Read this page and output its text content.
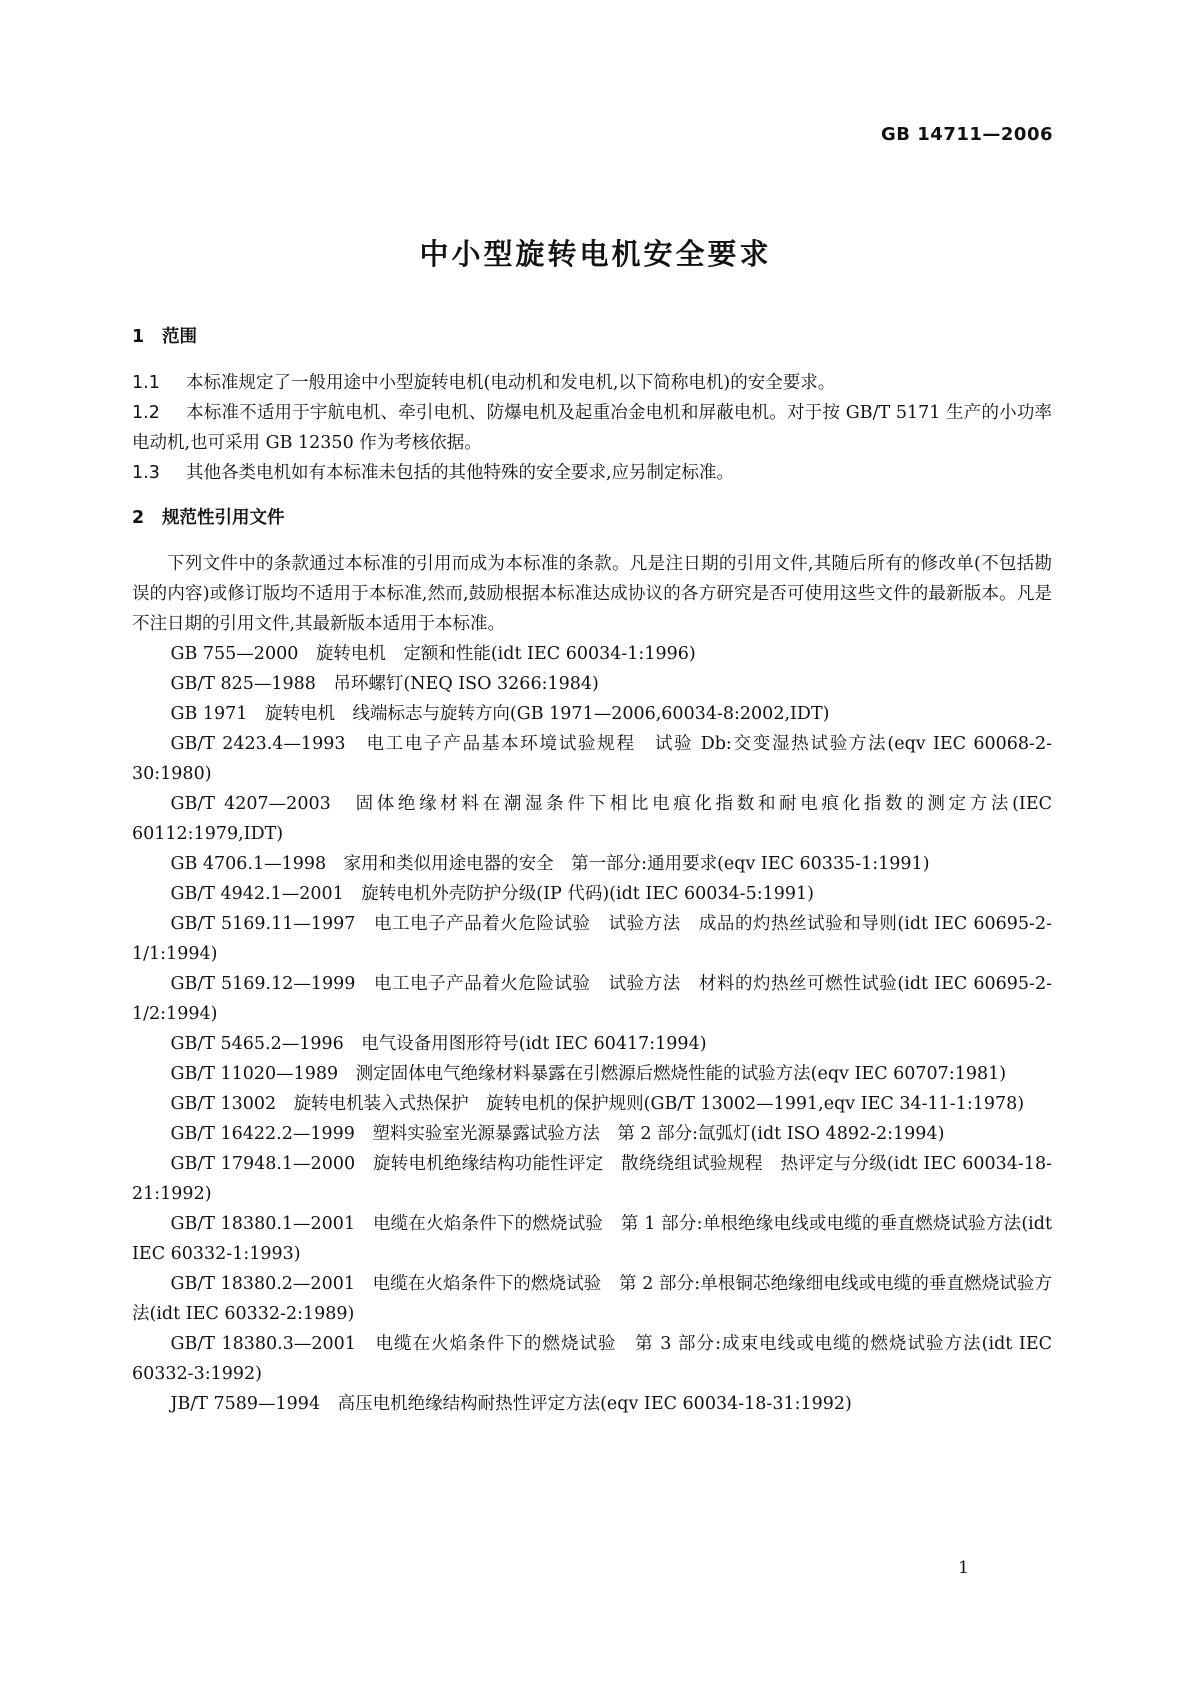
GB 14711—2006
中小型旋转电机安全要求
1 范围

1.1 本标准规定了一般用途中小型旋转电机(电动机和发电机,以下简称电机)的安全要求。

1.2 本标准不适用于宇航电机、牵引电机、防爆电机及起重冶金电机和屏蔽电机。对于按 GB/T 5171 生产的小功率电动机,也可采用 GB 12350 作为考核依据。

1.3 其他各类电机如有本标准未包括的其他特殊的安全要求,应另制定标准。

2 规范性引用文件

下列文件中的条款通过本标准的引用而成为本标准的条款。凡是注日期的引用文件,其随后所有的修改单(不包括勘误的内容)或修订版均不适用于本标准,然而,鼓励根据本标准达成协议的各方研究是否可使用这些文件的最新版本。凡是不注日期的引用文件,其最新版本适用于本标准。

GB 755—2000　旋转电机　定额和性能(idt IEC 60034-1:1996)

GB/T 825—1988　吊环螺钉(NEQ ISO 3266:1984)

GB 1971　旋转电机　线端标志与旋转方向(GB 1971—2006,60034-8:2002,IDT)

GB/T 2423.4—1993　电工电子产品基本环境试验规程　试验 Db:交变湿热试验方法(eqv IEC 60068-2-30:1980)

GB/T 4207—2003　固体绝缘材料在潮湿条件下相比电痕化指数和耐电痕化指数的测定方法(IEC 60112:1979,IDT)

GB 4706.1—1998　家用和类似用途电器的安全　第一部分:通用要求(eqv IEC 60335-1:1991)

GB/T 4942.1—2001　旋转电机外壳防护分级(IP 代码)(idt IEC 60034-5:1991)

GB/T 5169.11—1997　电工电子产品着火危险试验　试验方法　成品的灼热丝试验和导则(idt IEC 60695-2-1/1:1994)

GB/T 5169.12—1999　电工电子产品着火危险试验　试验方法　材料的灼热丝可燃性试验(idt IEC 60695-2-1/2:1994)

GB/T 5465.2—1996　电气设备用图形符号(idt IEC 60417:1994)

GB/T 11020—1989　测定固体电气绝缘材料暴露在引燃源后燃烧性能的试验方法(eqv IEC 60707:1981)

GB/T 13002　旋转电机装入式热保护　旋转电机的保护规则(GB/T 13002—1991,eqv IEC 34-11-1:1978)

GB/T 16422.2—1999　塑料实验室光源暴露试验方法　第 2 部分:氙弧灯(idt ISO 4892-2:1994)

GB/T 17948.1—2000　旋转电机绝缘结构功能性评定　散绕绕组试验规程　热评定与分级(idt IEC 60034-18-21:1992)

GB/T 18380.1—2001　电缆在火焰条件下的燃烧试验　第 1 部分:单根绝缘电线或电缆的垂直燃烧试验方法(idt IEC 60332-1:1993)

GB/T 18380.2—2001　电缆在火焰条件下的燃烧试验　第 2 部分:单根铜芯绝缘细电线或电缆的垂直燃烧试验方法(idt IEC 60332-2:1989)

GB/T 18380.3—2001　电缆在火焰条件下的燃烧试验　第 3 部分:成束电线或电缆的燃烧试验方法(idt IEC 60332-3:1992)

JB/T 7589—1994　高压电机绝缘结构耐热性评定方法(eqv IEC 60034-18-31:1992)

1
